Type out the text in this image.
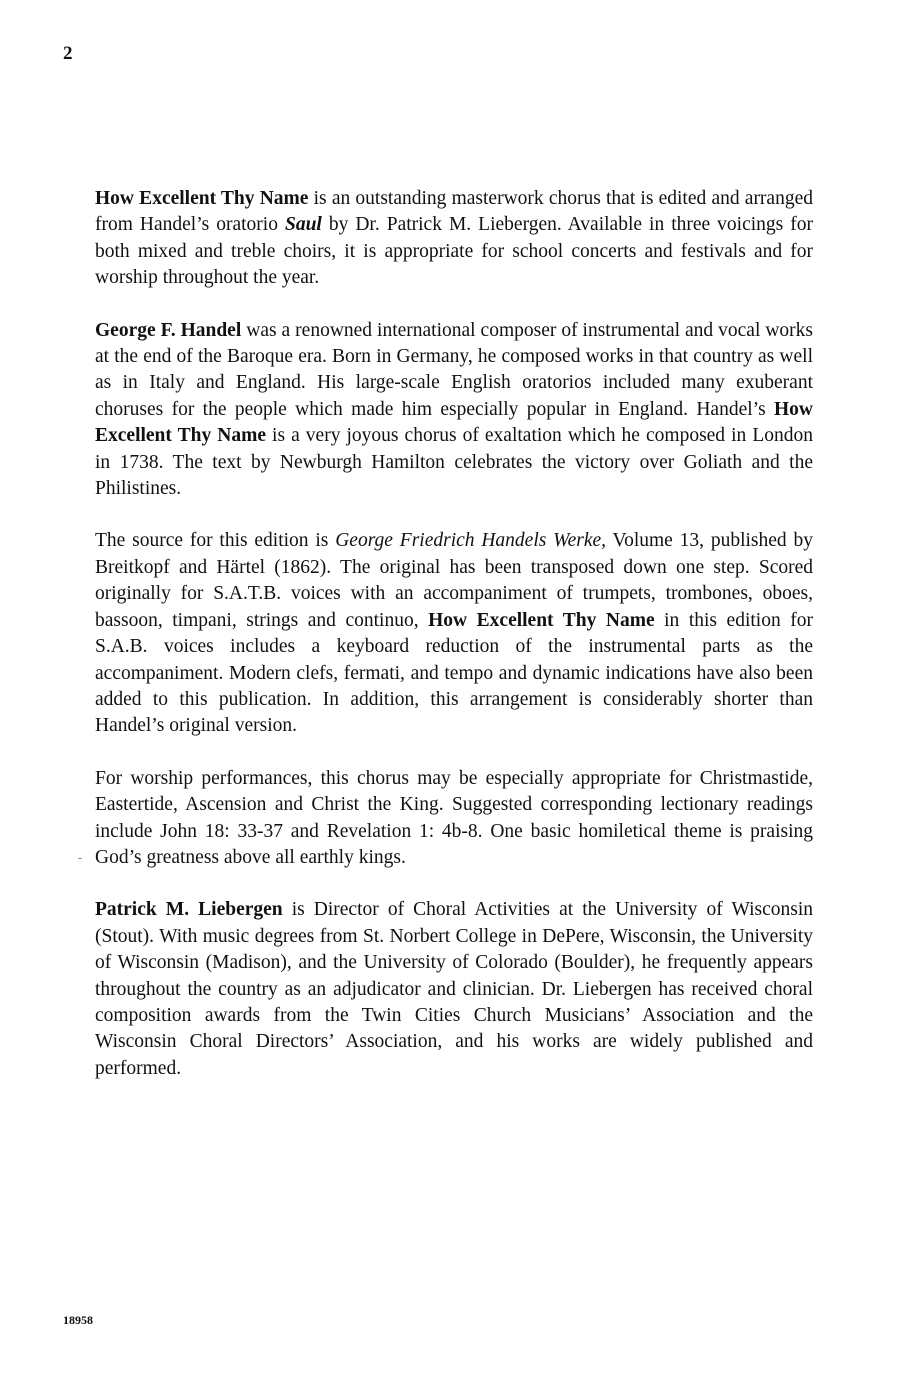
2

How Excellent Thy Name is an outstanding masterwork chorus that is edited and arranged from Handel’s oratorio Saul by Dr. Patrick M. Liebergen. Available in three voicings for both mixed and treble choirs, it is appropriate for school concerts and festivals and for worship throughout the year.

George F. Handel was a renowned international composer of instrumental and vocal works at the end of the Baroque era. Born in Germany, he composed works in that country as well as in Italy and England. His large-scale English oratorios included many exuberant choruses for the people which made him especially popular in England. Handel’s How Excellent Thy Name is a very joyous chorus of exaltation which he composed in London in 1738. The text by Newburgh Hamilton celebrates the victory over Goliath and the Philistines.

The source for this edition is George Friedrich Handels Werke, Volume 13, published by Breitkopf and Härtel (1862). The original has been transposed down one step. Scored originally for S.A.T.B. voices with an accompaniment of trumpets, trombones, oboes, bassoon, timpani, strings and continuo, How Excellent Thy Name in this edition for S.A.B. voices includes a keyboard reduction of the instrumental parts as the accompaniment. Modern clefs, fermati, and tempo and dynamic indications have also been added to this publication. In addition, this arrangement is considerably shorter than Handel’s original version.

For worship performances, this chorus may be especially appropriate for Christmastide, Eastertide, Ascension and Christ the King. Suggested corresponding lectionary readings include John 18: 33-37 and Revelation 1: 4b-8. One basic homiletical theme is praising God’s greatness above all earthly kings.

Patrick M. Liebergen is Director of Choral Activities at the University of Wisconsin (Stout). With music degrees from St. Norbert College in DePere, Wisconsin, the University of Wisconsin (Madison), and the University of Colorado (Boulder), he frequently appears throughout the country as an adjudicator and clinician. Dr. Liebergen has received choral composition awards from the Twin Cities Church Musicians’ Association and the Wisconsin Choral Directors’ Association, and his works are widely published and performed.

18958
